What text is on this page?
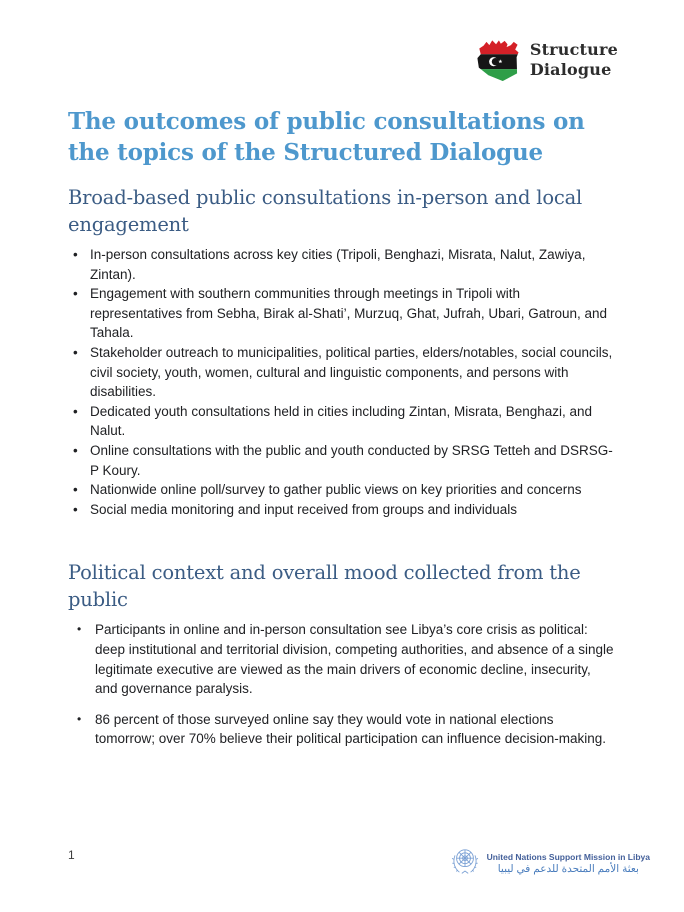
Structure
Dialogue
The outcomes of public consultations on
the topics of the Structured Dialogue
Broad-based public consultations in-person and local
engagement
• In-person consultations across key cities (Tripoli, Benghazi, Misrata, Nalut, Zawiya, Zintan).
• Engagement with southern communities through meetings in Tripoli with representatives from Sebha, Birak al-Shati’, Murzuq, Ghat, Jufrah, Ubari, Gatroun, and Tahala.
• Stakeholder outreach to municipalities, political parties, elders/notables, social councils, civil society, youth, women, cultural and linguistic components, and persons with disabilities.
• Dedicated youth consultations held in cities including Zintan, Misrata, Benghazi, and Nalut.
• Online consultations with the public and youth conducted by SRSG Tetteh and DSRSG-P Koury.
• Nationwide online poll/survey to gather public views on key priorities and concerns
• Social media monitoring and input received from groups and individuals
Political context and overall mood collected from the public
• Participants in online and in-person consultation see Libya’s core crisis as political: deep institutional and territorial division, competing authorities, and absence of a single legitimate executive are viewed as the main drivers of economic decline, insecurity, and governance paralysis.
• 86 percent of those surveyed online say they would vote in national elections tomorrow; over 70% believe their political participation can influence decision-making.
1	United Nations Support Mission in Libya
بعثة الأمم المتحدة للدعم في ليبيا
